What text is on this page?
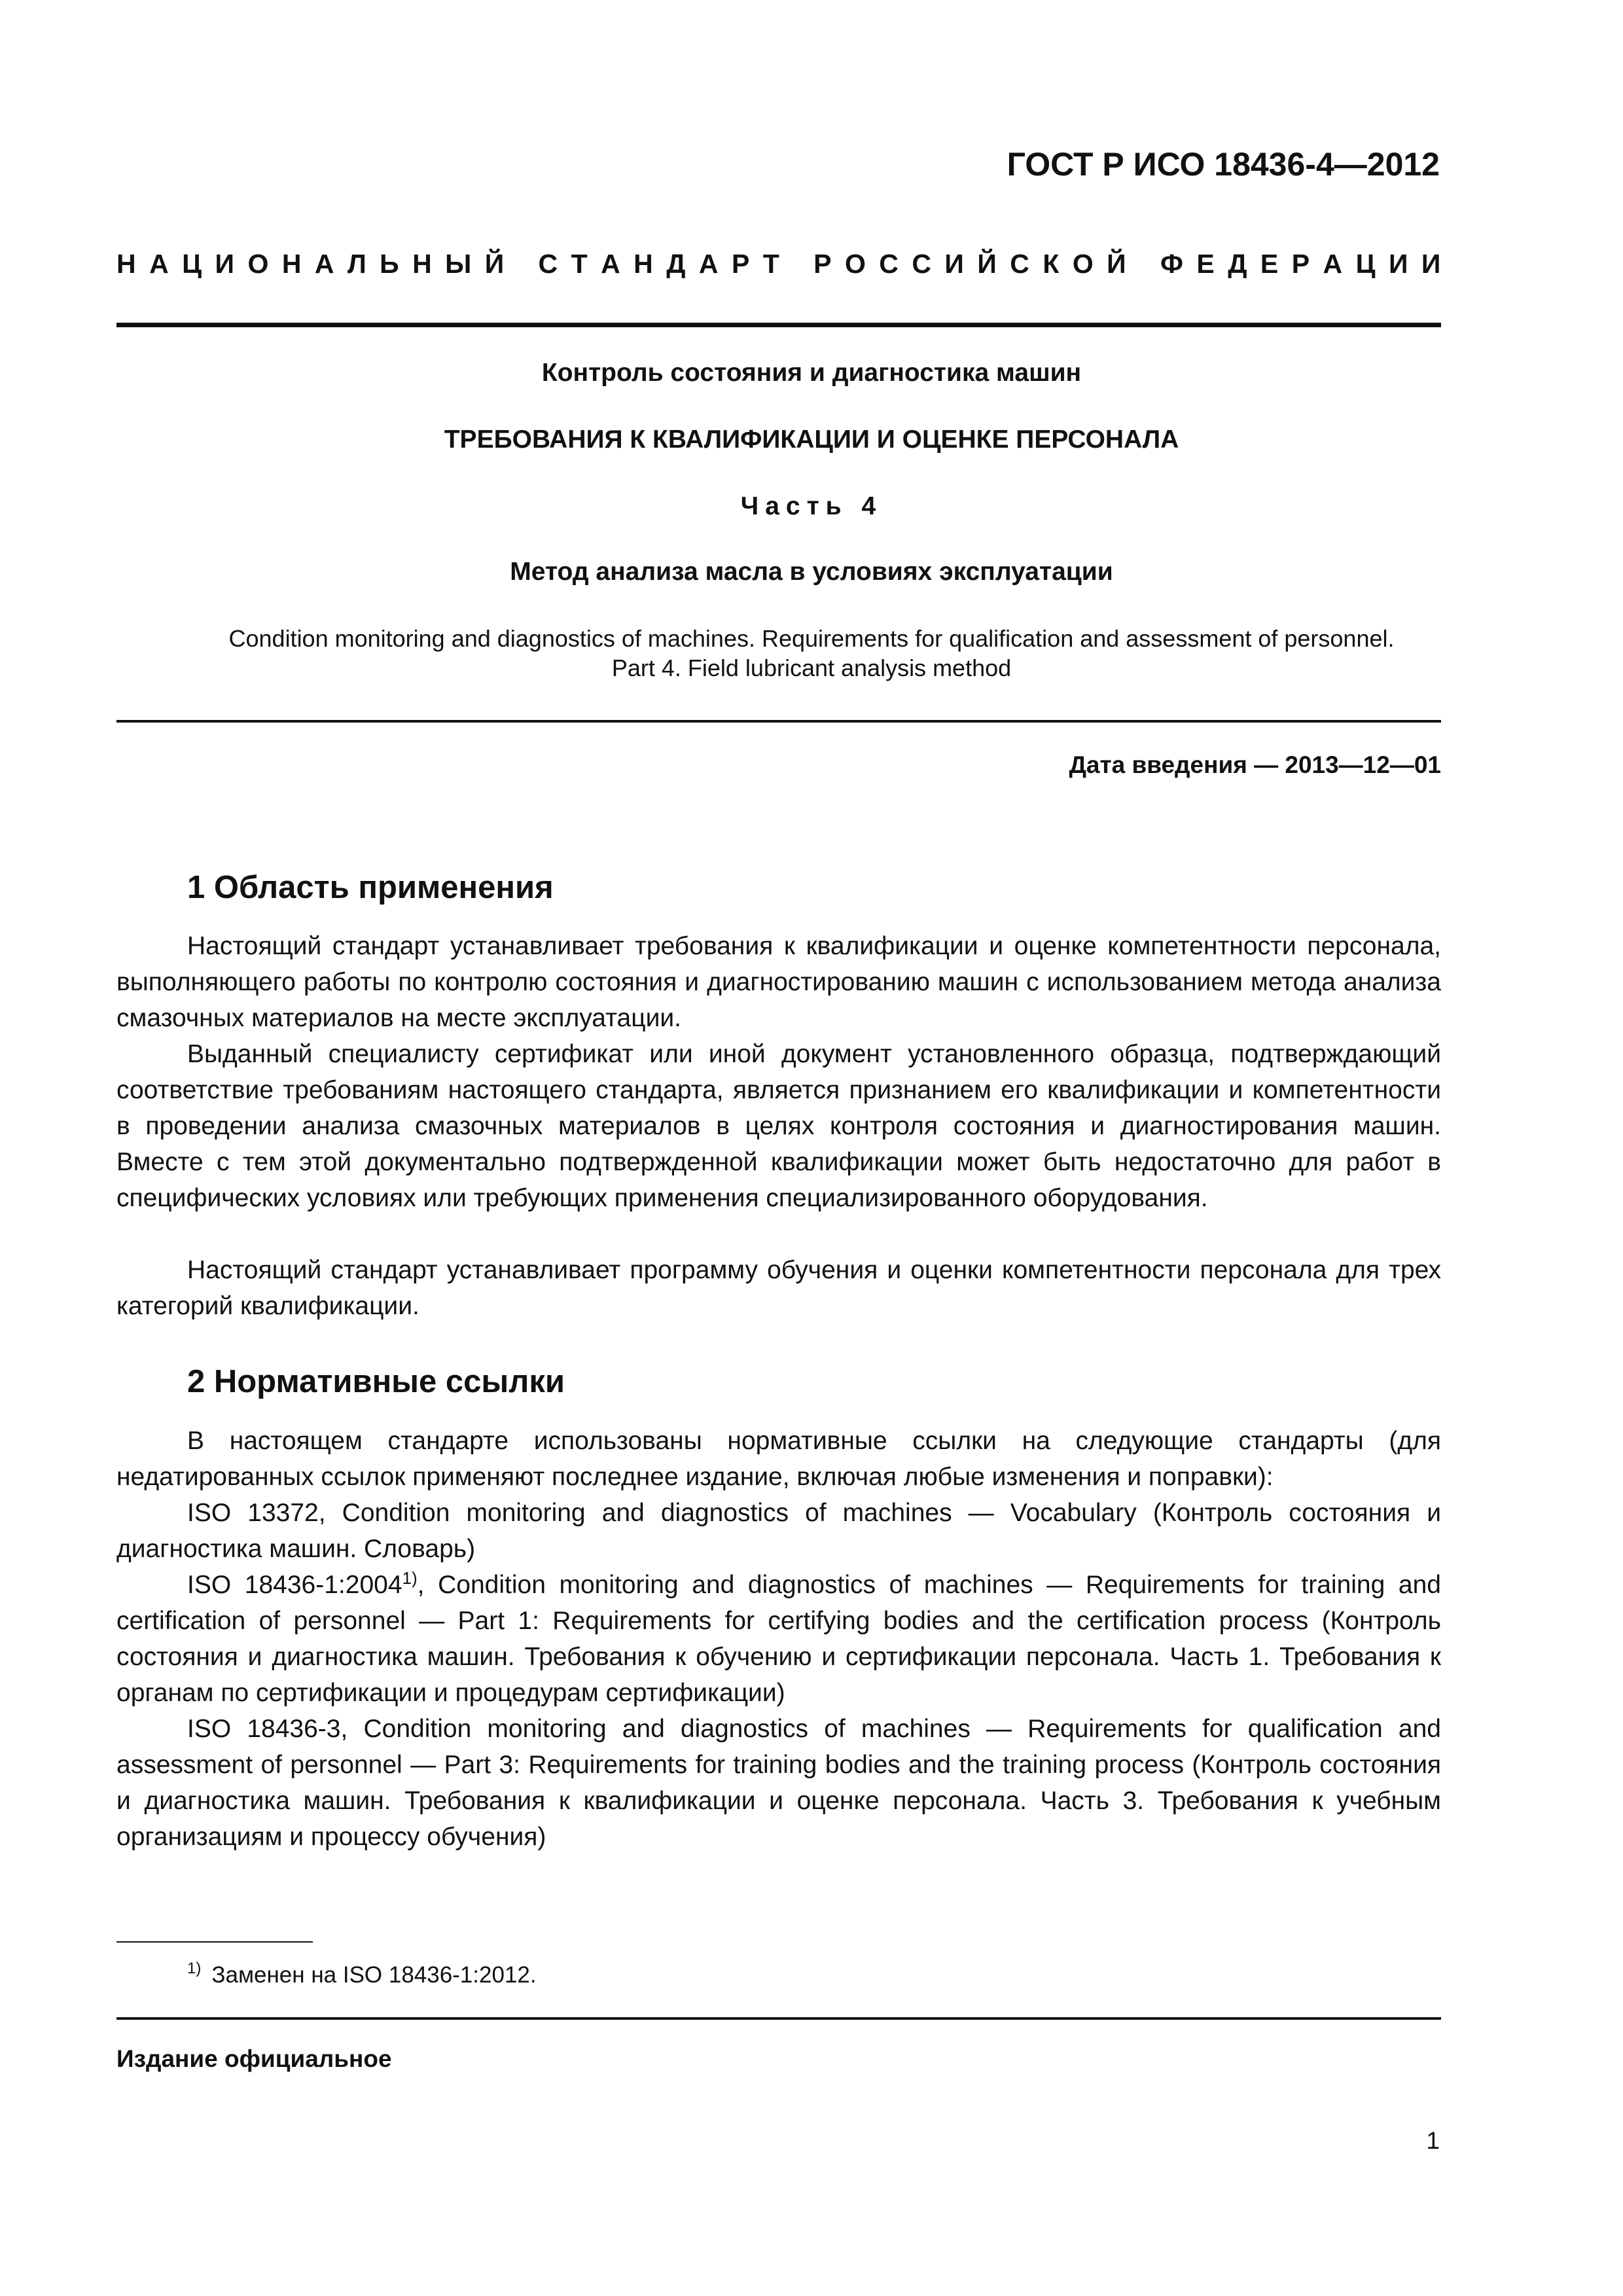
ГОСТ Р ИСО 18436-4—2012
Н А Ц И О Н А Л Ь Н Ы Й
С Т А Н Д А Р Т
Р О С С И Й С К О Й
Ф Е Д Е Р А Ц И И
Контроль состояния и диагностика машин
ТРЕБОВАНИЯ К КВАЛИФИКАЦИИ И ОЦЕНКЕ ПЕРСОНАЛА
Часть 4
Метод анализа масла в условиях эксплуатации
Condition monitoring and diagnostics of machines. Requirements for qualification and assessment of personnel.
Part 4. Field lubricant analysis method
Дата введения — 2013—12—01
1 Область применения

Настоящий стандарт устанавливает требования к квалификации и оценке компетентности персонала, выполняющего работы по контролю состояния и диагностированию машин с использованием метода анализа смазочных материалов на месте эксплуатации.

Выданный специалисту сертификат или иной документ установленного образца, подтверждающий соответствие требованиям настоящего стандарта, является признанием его квалификации и компетентности в проведении анализа смазочных материалов в целях контроля состояния и диагностирования машин. Вместе с тем этой документально подтвержденной квалификации может быть недостаточно для работ в специфических условиях или требующих применения специализированного оборудования.

Настоящий стандарт устанавливает программу обучения и оценки компетентности персонала для трех категорий квалификации.

2 Нормативные ссылки

В настоящем стандарте использованы нормативные ссылки на следующие стандарты (для недатированных ссылок применяют последнее издание, включая любые изменения и поправки):

ISO 13372, Condition monitoring and diagnostics of machines — Vocabulary (Контроль состояния и диагностика машин. Словарь)

ISO 18436-1:2004$^{1)}$, Condition monitoring and diagnostics of machines — Requirements for training and certification of personnel — Part 1: Requirements for certifying bodies and the certification process (Контроль состояния и диагностика машин. Требования к обучению и сертификации персонала. Часть 1. Требования к органам по сертификации и процедурам сертификации)

ISO 18436-3, Condition monitoring and diagnostics of machines — Requirements for qualification and assessment of personnel — Part 3: Requirements for training bodies and the training process (Контроль состояния и диагностика машин. Требования к квалификации и оценке персонала. Часть 3. Требования к учебным организациям и процессу обучения)

$^{1)}$ Заменен на ISO 18436-1:2012.
Издание официальное
1
